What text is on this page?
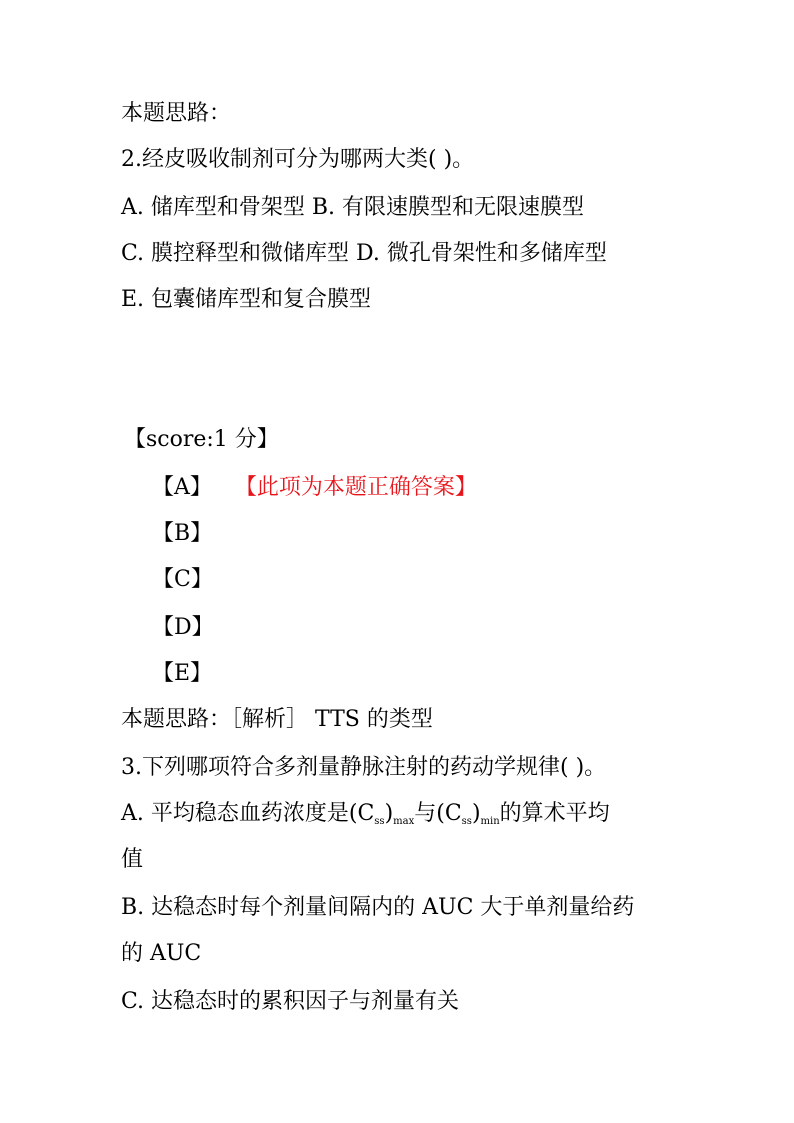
本题思路：
2.经皮吸收制剂可分为哪两大类( )。
A. 储库型和骨架型 B. 有限速膜型和无限速膜型
C. 膜控释型和微储库型 D. 微孔骨架性和多储库型
E. 包囊储库型和复合膜型
【score:1 分】
【A】 【此项为本题正确答案】
【B】
【C】
【D】
【E】
本题思路：［解析］ TTS 的类型
3.下列哪项符合多剂量静脉注射的药动学规律( )。
A. 平均稳态血药浓度是$(C_{ss})_{max}$与$(C_{ss})_{min}$的算术平均
值
B. 达稳态时每个剂量间隔内的 AUC 大于单剂量给药
的 AUC
C. 达稳态时的累积因子与剂量有关
